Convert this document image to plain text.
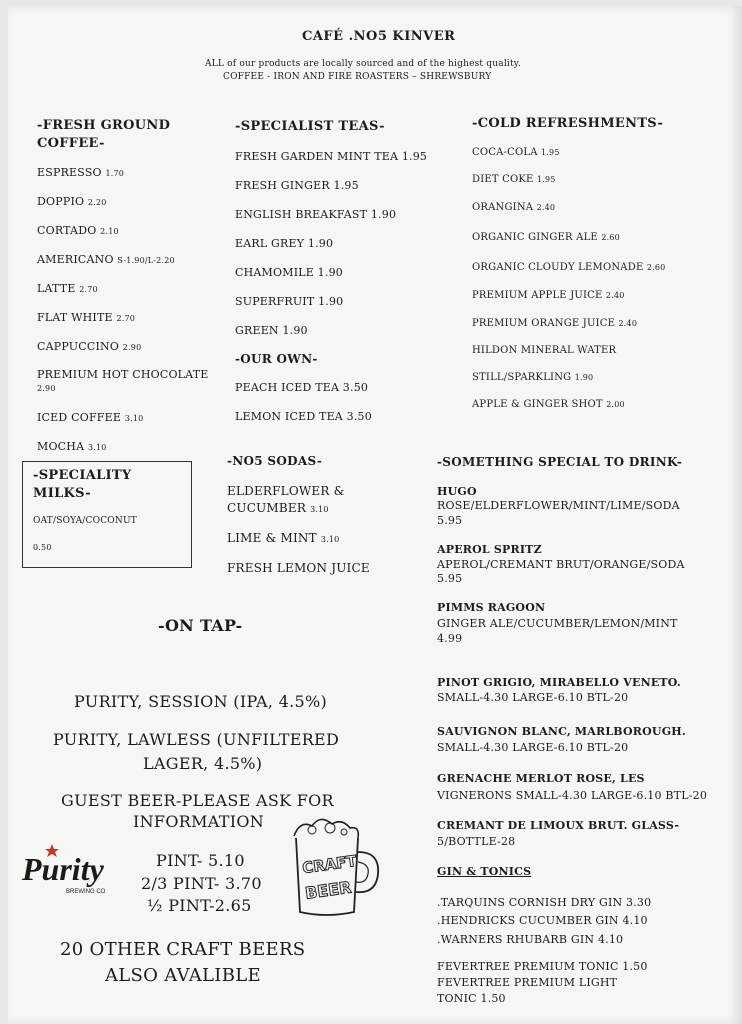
CAFÉ .NO5 KINVER
ALL of our products are locally sourced and of the highest quality.
COFFEE - IRON AND FIRE ROASTERS – SHREWSBURY
-FRESH GROUND
COFFEE-
ESPRESSO 1.70
DOPPIO 2.20
CORTADO 2.10
AMERICANO S-1.90/L-2.20
LATTE 2.70
FLAT WHITE 2.70
CAPPUCCINO 2.90
PREMIUM HOT CHOCOLATE
2.90
ICED COFFEE 3.10
MOCHA 3.10
-SPECIALITY
MILKS-
OAT/SOYA/COCONUT
0.50
-SPECIALIST TEAS-
FRESH GARDEN MINT TEA 1.95
FRESH GINGER 1.95
ENGLISH BREAKFAST 1.90
EARL GREY 1.90
CHAMOMILE 1.90
SUPERFRUIT 1.90
GREEN 1.90
-OUR OWN-
PEACH ICED TEA 3.50
LEMON ICED TEA 3.50
-NO5 SODAS-
ELDERFLOWER &
CUCUMBER 3.10
LIME & MINT 3.10
FRESH LEMON JUICE
-COLD REFRESHMENTS-
COCA-COLA 1.95
DIET COKE 1.95
ORANGINA 2.40
ORGANIC GINGER ALE 2.60
ORGANIC CLOUDY LEMONADE 2.60
PREMIUM APPLE JUICE 2.40
PREMIUM ORANGE JUICE 2.40
HILDON MINERAL WATER
STILL/SPARKLING 1.90
APPLE & GINGER SHOT 2.00
-SOMETHING SPECIAL TO DRINK-
HUGO
ROSE/ELDERFLOWER/MINT/LIME/SODA
5.95
APEROL SPRITZ
APEROL/CREMANT BRUT/ORANGE/SODA
5.95
PIMMS RAGOON
GINGER ALE/CUCUMBER/LEMON/MINT
4.99
PINOT GRIGIO, MIRABELLO VENETO.
SMALL-4.30 LARGE-6.10 BTL-20
SAUVIGNON BLANC, MARLBOROUGH.
SMALL-4.30 LARGE-6.10 BTL-20
GRENACHE MERLOT ROSE, LES
VIGNERONS SMALL-4.30 LARGE-6.10 BTL-20
CREMANT DE LIMOUX BRUT. GLASS-
5/BOTTLE-28
GIN & TONICS
.TARQUINS CORNISH DRY GIN 3.30
.HENDRICKS CUCUMBER GIN 4.10
.WARNERS RHUBARB GIN 4.10
FEVERTREE PREMIUM TONIC 1.50
FEVERTREE PREMIUM LIGHT
TONIC 1.50
-ON TAP-
PURITY, SESSION (IPA, 4.5%)
PURITY, LAWLESS (UNFILTERED
LAGER, 4.5%)
GUEST BEER-PLEASE ASK FOR
INFORMATION
PINT- 5.10
2/3 PINT- 3.70
½ PINT-2.65
20 OTHER CRAFT BEERS
ALSO AVALIBLE
Purity
BREWING CO
CRAFT
BEER
